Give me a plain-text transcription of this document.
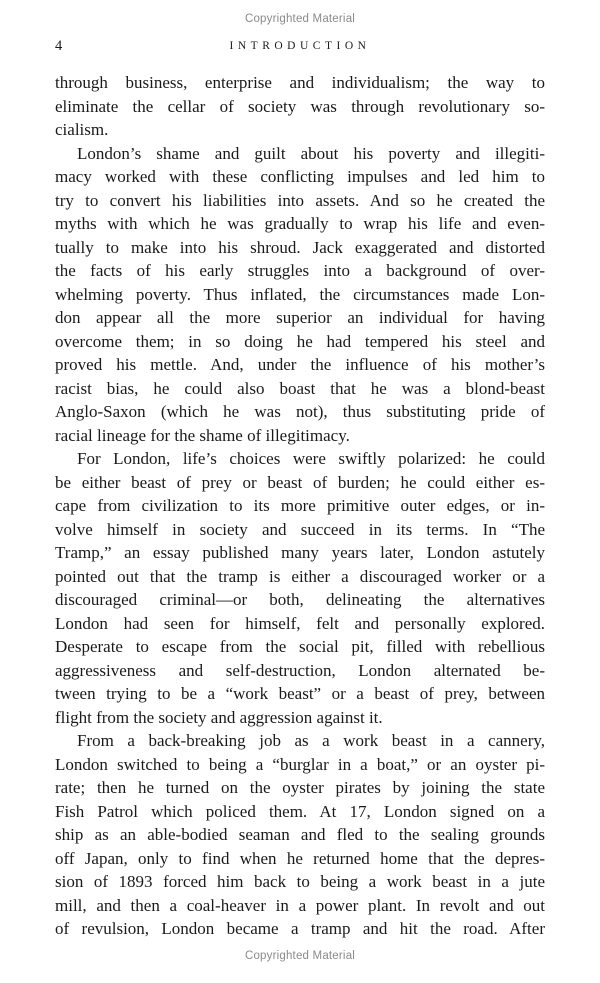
Copyrighted Material
4	INTRODUCTION
through business, enterprise and individualism; the way to
eliminate the cellar of society was through revolutionary so-
cialism.
London’s shame and guilt about his poverty and illegiti-
macy worked with these conflicting impulses and led him to
try to convert his liabilities into assets. And so he created the
myths with which he was gradually to wrap his life and even-
tually to make into his shroud. Jack exaggerated and distorted
the facts of his early struggles into a background of over-
whelming poverty. Thus inflated, the circumstances made Lon-
don appear all the more superior an individual for having
overcome them; in so doing he had tempered his steel and
proved his mettle. And, under the influence of his mother’s
racist bias, he could also boast that he was a blond-beast
Anglo-Saxon (which he was not), thus substituting pride of
racial lineage for the shame of illegitimacy.
For London, life’s choices were swiftly polarized: he could
be either beast of prey or beast of burden; he could either es-
cape from civilization to its more primitive outer edges, or in-
volve himself in society and succeed in its terms. In “The
Tramp,” an essay published many years later, London astutely
pointed out that the tramp is either a discouraged worker or a
discouraged criminal—or both, delineating the alternatives
London had seen for himself, felt and personally explored.
Desperate to escape from the social pit, filled with rebellious
aggressiveness and self-destruction, London alternated be-
tween trying to be a “work beast” or a beast of prey, between
flight from the society and aggression against it.
From a back-breaking job as a work beast in a cannery,
London switched to being a “burglar in a boat,” or an oyster pi-
rate; then he turned on the oyster pirates by joining the state
Fish Patrol which policed them. At 17, London signed on a
ship as an able-bodied seaman and fled to the sealing grounds
off Japan, only to find when he returned home that the depres-
sion of 1893 forced him back to being a work beast in a jute
mill, and then a coal-heaver in a power plant. In revolt and out
of revulsion, London became a tramp and hit the road. After
Copyrighted Material
